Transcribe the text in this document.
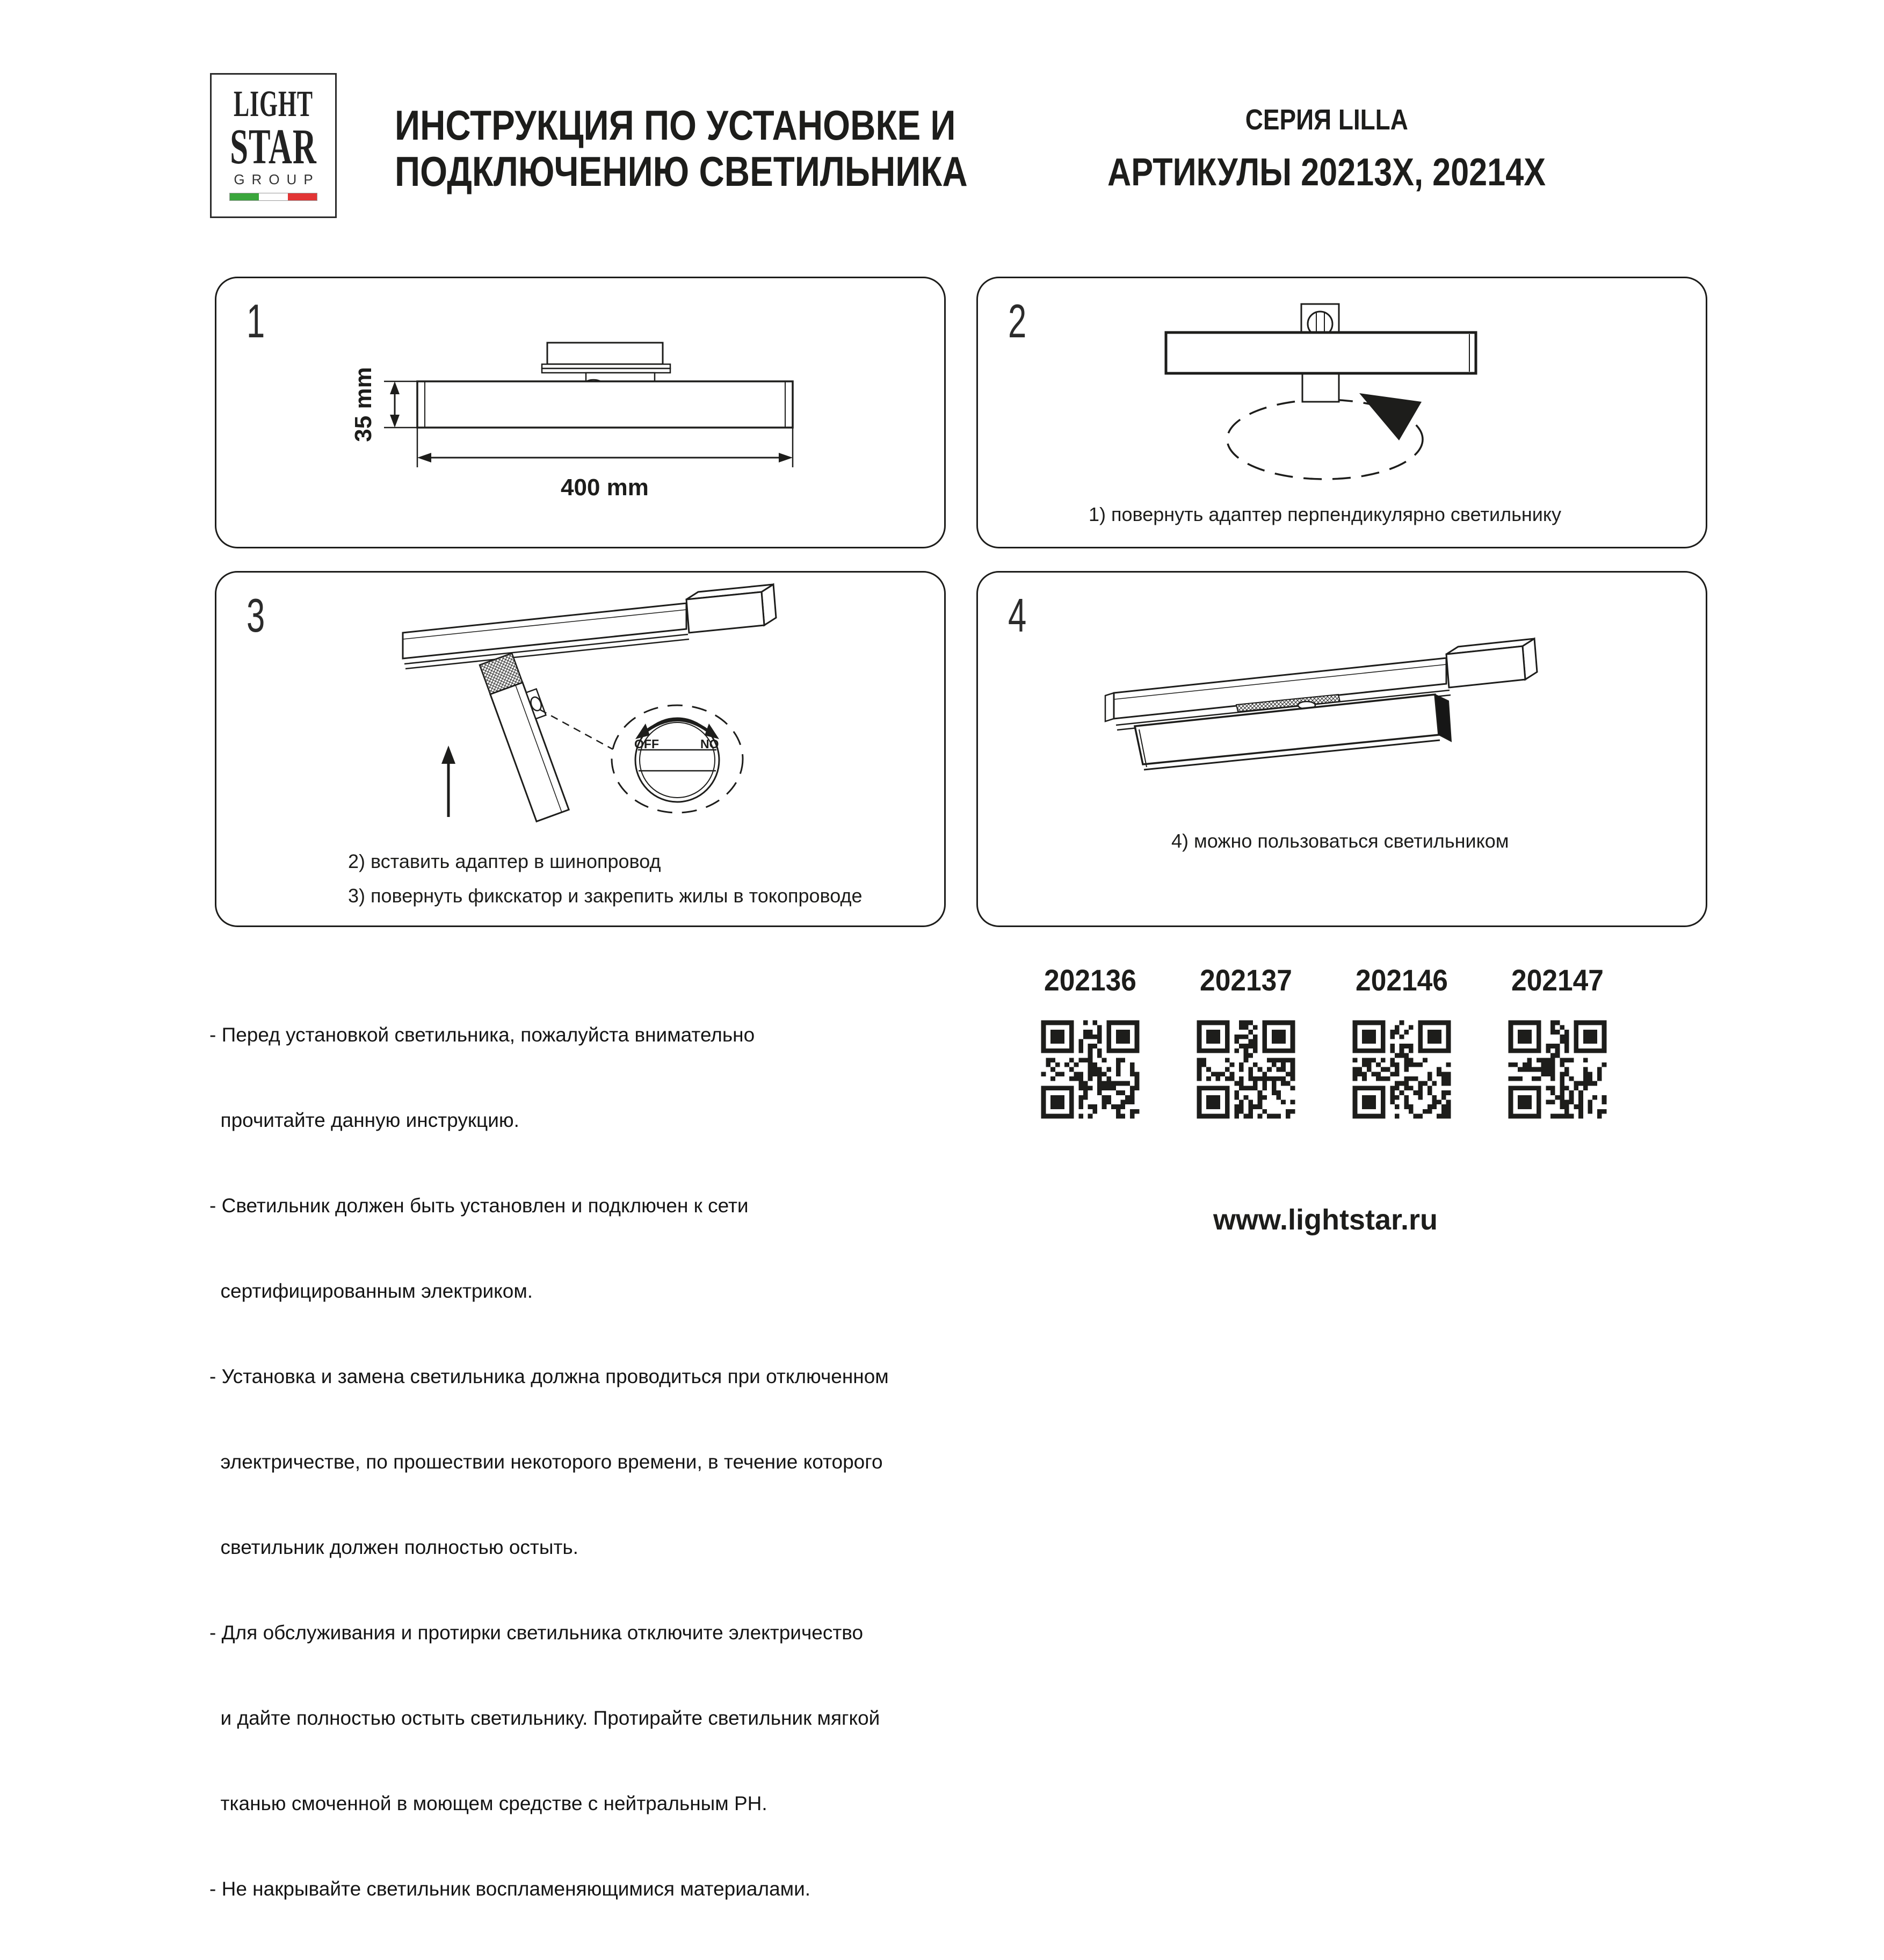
LIGHT
STAR
GROUP
ИНСТРУКЦИЯ ПО УСТАНОВКЕ И
ПОДКЛЮЧЕНИЮ СВЕТИЛЬНИКА
СЕРИЯ LILLA
АРТИКУЛЫ 20213X, 20214X
35 mm
400 mm
1
1) повернуть адаптер перпендикулярно светильнику
2
OFF	NO
2) вставить адаптер в шинопровод
3) повернуть фикскатор и закрепить жилы в токопроводе
3
4) можно пользоваться светильником
4

- Перед установкой светильника, пожалуйста внимательно

прочитайте данную инструкцию.

- Светильник должен быть установлен и подключен к сети

сертифицированным электриком.

- Установка и замена светильника должна проводиться при отключенном

электричестве, по прошествии некоторого времени, в течение которого

светильник должен полностью остыть.

- Для обслуживания и протирки светильника отключите электричество

и дайте полностью остыть светильнику. Протирайте светильник мягкой

тканью смоченной в моющем средстве с нейтральным PH.

- Не накрывайте светильник воспламеняющимися материалами.

202136 202137 202146 202147
www.lightstar.ru
